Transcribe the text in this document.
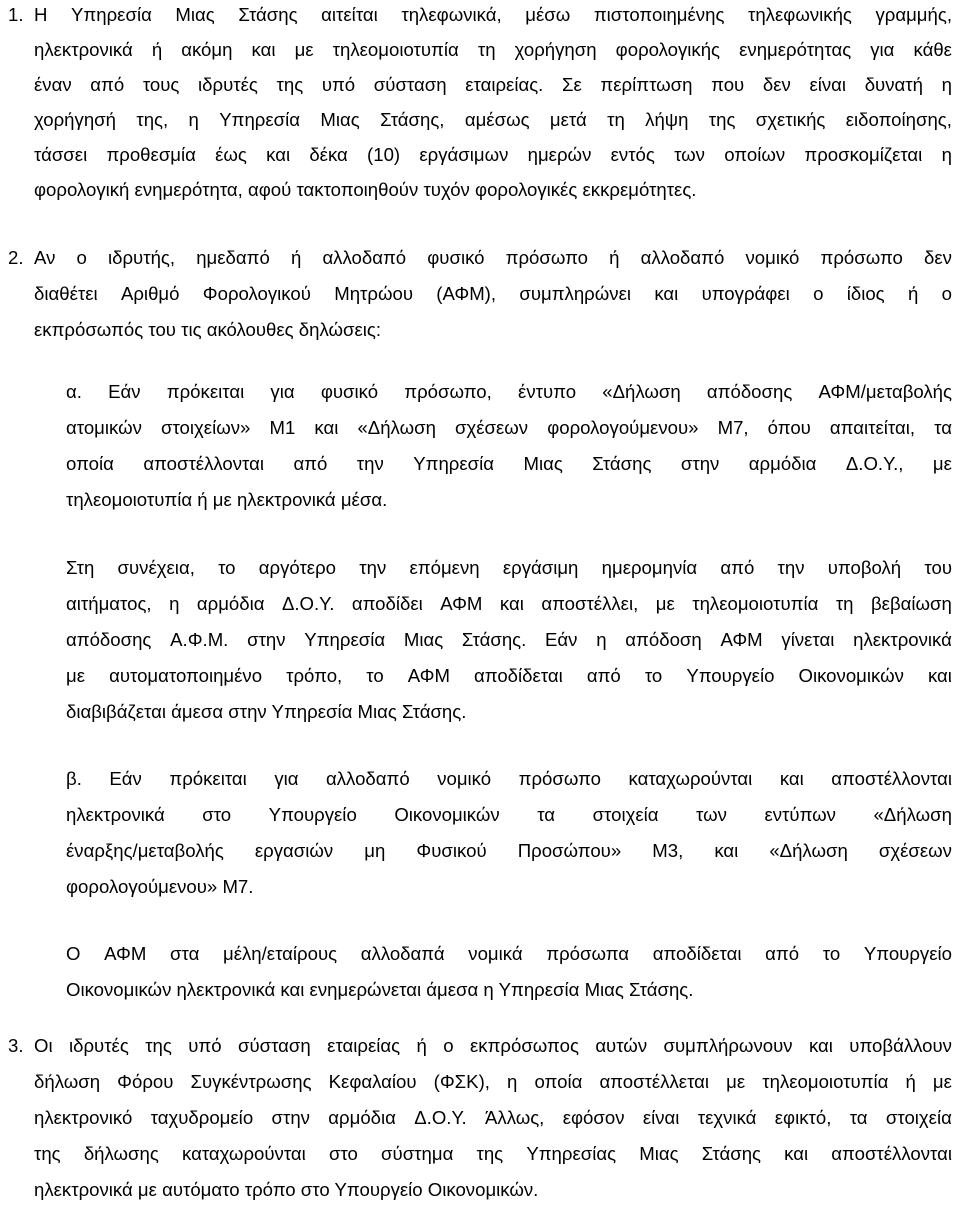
1. Η Υπηρεσία Μιας Στάσης αιτείται τηλεφωνικά, μέσω πιστοποιημένης τηλεφωνικής γραμμής,
ηλεκτρονικά ή ακόμη και με τηλεομοιοτυπία τη χορήγηση φορολογικής ενημερότητας για κάθε
έναν από τους ιδρυτές της υπό σύσταση εταιρείας. Σε περίπτωση που δεν είναι δυνατή η
χορήγησή της, η Υπηρεσία Μιας Στάσης, αμέσως μετά τη λήψη της σχετικής ειδοποίησης,
τάσσει προθεσμία έως και δέκα (10) εργάσιμων ημερών εντός των οποίων προσκομίζεται η
φορολογική ενημερότητα, αφού τακτοποιηθούν τυχόν φορολογικές εκκρεμότητες.
2. Αν ο ιδρυτής, ημεδαπό ή αλλοδαπό φυσικό πρόσωπο ή αλλοδαπό νομικό πρόσωπο δεν
διαθέτει Αριθμό Φορολογικού Μητρώου (ΑΦΜ), συμπληρώνει και υπογράφει ο ίδιος ή ο
εκπρόσωπός του τις ακόλουθες δηλώσεις:
α. Εάν πρόκειται για φυσικό πρόσωπο, έντυπο «Δήλωση απόδοσης ΑΦΜ/μεταβολής
ατομικών στοιχείων» Μ1 και «Δήλωση σχέσεων φορολογούμενου» Μ7, όπου απαιτείται, τα
οποία αποστέλλονται από την Υπηρεσία Μιας Στάσης στην αρμόδια Δ.Ο.Υ., με
τηλεομοιοτυπία ή με ηλεκτρονικά μέσα.
Στη συνέχεια, το αργότερο την επόμενη εργάσιμη ημερομηνία από την υποβολή του
αιτήματος, η αρμόδια Δ.Ο.Υ. αποδίδει ΑΦΜ και αποστέλλει, με τηλεομοιοτυπία τη βεβαίωση
απόδοσης Α.Φ.Μ. στην Υπηρεσία Μιας Στάσης. Εάν η απόδοση ΑΦΜ γίνεται ηλεκτρονικά
με αυτοματοποιημένο τρόπο, το ΑΦΜ αποδίδεται από το Υπουργείο Οικονομικών και
διαβιβάζεται άμεσα στην Υπηρεσία Μιας Στάσης.
β. Εάν πρόκειται για αλλοδαπό νομικό πρόσωπο καταχωρούνται και αποστέλλονται
ηλεκτρονικά στο Υπουργείο Οικονομικών τα στοιχεία των εντύπων «Δήλωση
έναρξης/μεταβολής εργασιών μη Φυσικού Προσώπου» Μ3, και «Δήλωση σχέσεων
φορολογούμενου» Μ7.
Ο ΑΦΜ στα μέλη/εταίρους αλλοδαπά νομικά πρόσωπα αποδίδεται από το Υπουργείο
Οικονομικών ηλεκτρονικά και ενημερώνεται άμεσα η Υπηρεσία Μιας Στάσης.
3. Οι ιδρυτές της υπό σύσταση εταιρείας ή ο εκπρόσωπος αυτών συμπλήρωνουν και υποβάλλουν
δήλωση Φόρου Συγκέντρωσης Κεφαλαίου (ΦΣΚ), η οποία αποστέλλεται με τηλεομοιοτυπία ή με
ηλεκτρονικό ταχυδρομείο στην αρμόδια Δ.Ο.Υ. Άλλως, εφόσον είναι τεχνικά εφικτό, τα στοιχεία
της δήλωσης καταχωρούνται στο σύστημα της Υπηρεσίας Μιας Στάσης και αποστέλλονται
ηλεκτρονικά με αυτόματο τρόπο στο Υπουργείο Οικονομικών.
